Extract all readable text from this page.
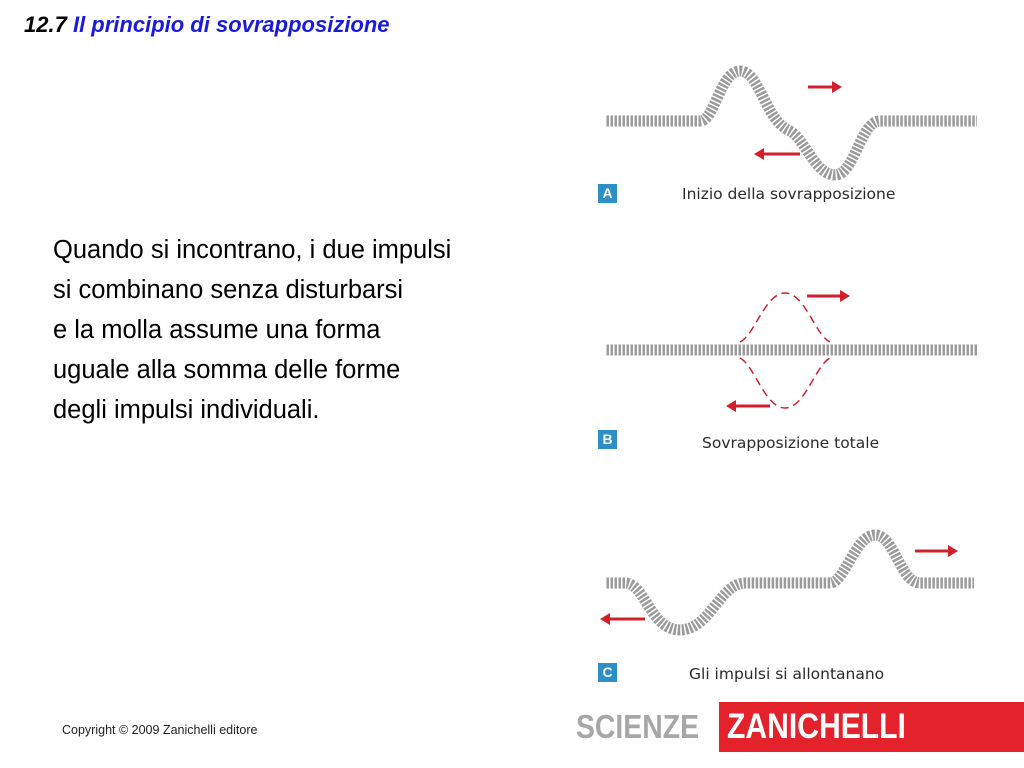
12.7 Il principio di sovrapposizione
Quando si incontrano, i due impulsi
si combinano senza disturbarsi
e la molla assume una forma
uguale alla somma delle forme
degli impulsi individuali.
A	Inizio della sovrapposizione
B	Sovrapposizione totale
C	Gli impulsi si allontanano
Copyright © 2009 Zanichelli editore	SCIENZE ZANICHELLI
